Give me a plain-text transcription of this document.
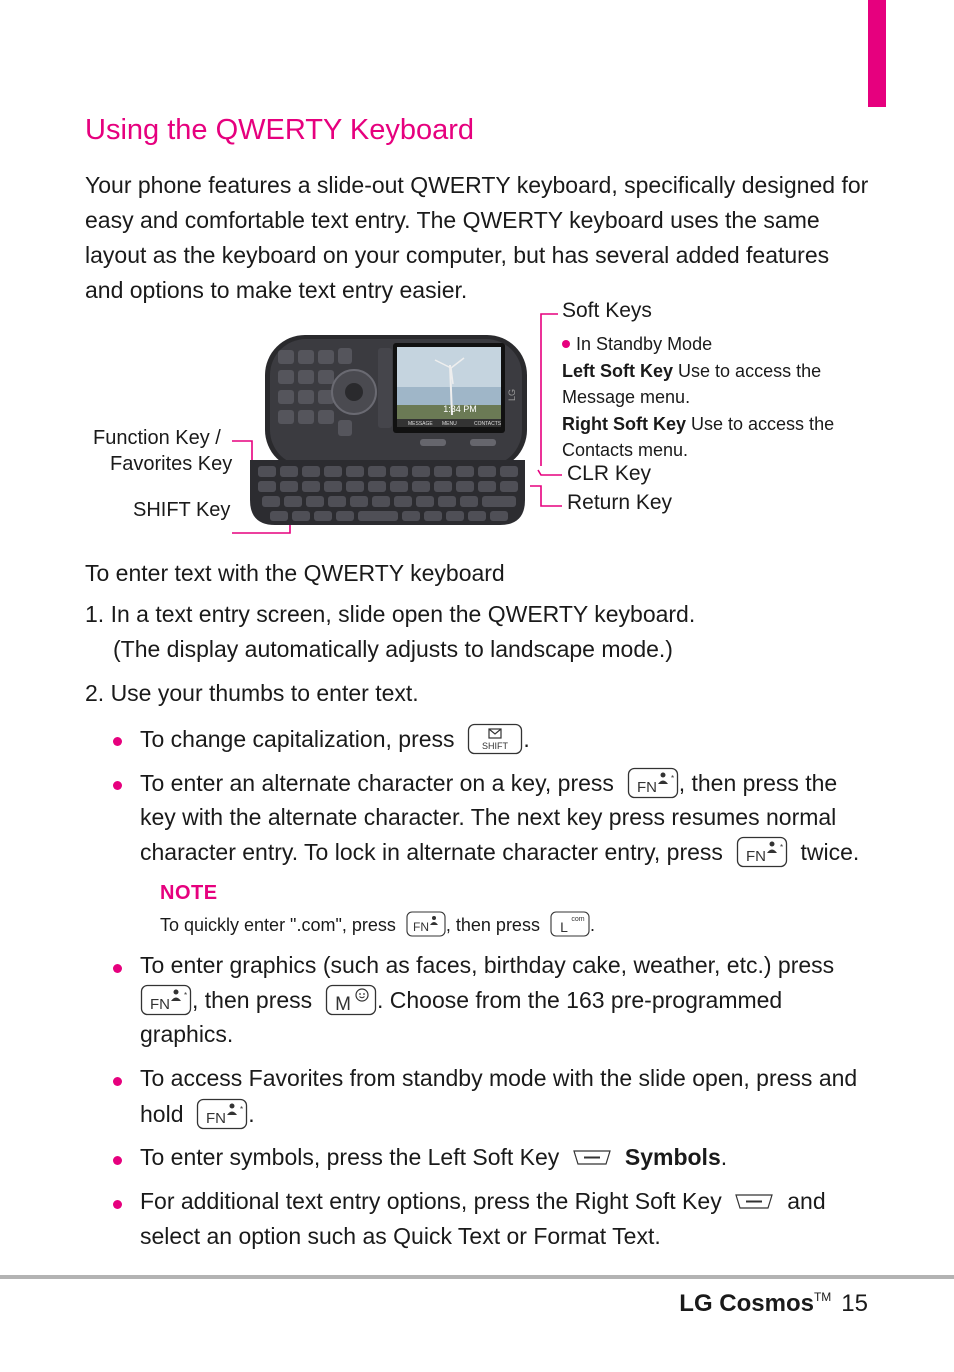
Using the QWERTY Keyboard

Your phone features a slide-out QWERTY keyboard, specifically designed for

easy and comfortable text entry. The QWERTY keyboard uses the same

layout as the keyboard on your computer, but has several added features

and options to make text entry easier.

Function Key /
Favorites Key
SHIFT Key
Soft Keys
In Standby Mode
Left Soft Key Use to access the
Message menu.
Right Soft Key Use to access the
Contacts menu.
CLR Key
Return Key
1:34 PM
MESSAGE MENU	CONTACTS
LG
To enter text with the QWERTY keyboard
1. In a text entry screen, slide open the QWERTY keyboard.
(The display automatically adjusts to landscape mode.)
2. Use your thumbs to enter text.
To change capitalization, press	SHIFT .
To enter an alternate character on a key, press FN
* , then press the
key with the alternate character. The next key press resumes normal
character entry. To lock in alternate character entry, press FN
* twice.
NOTE
To quickly enter ".com", press FN , then press L com .
To enter graphics (such as faces, birthday cake, weather, etc.) press
FN
* , then press M . Choose from the 163 pre-programmed
graphics.
To access Favorites from standby mode with the slide open, press and
hold FN
* .
To enter symbols, press the Left Soft Key	Symbols.
For additional text entry options, press the Right Soft Key	and
select an option such as Quick Text or Format Text.
LG Cosmos™ 15
